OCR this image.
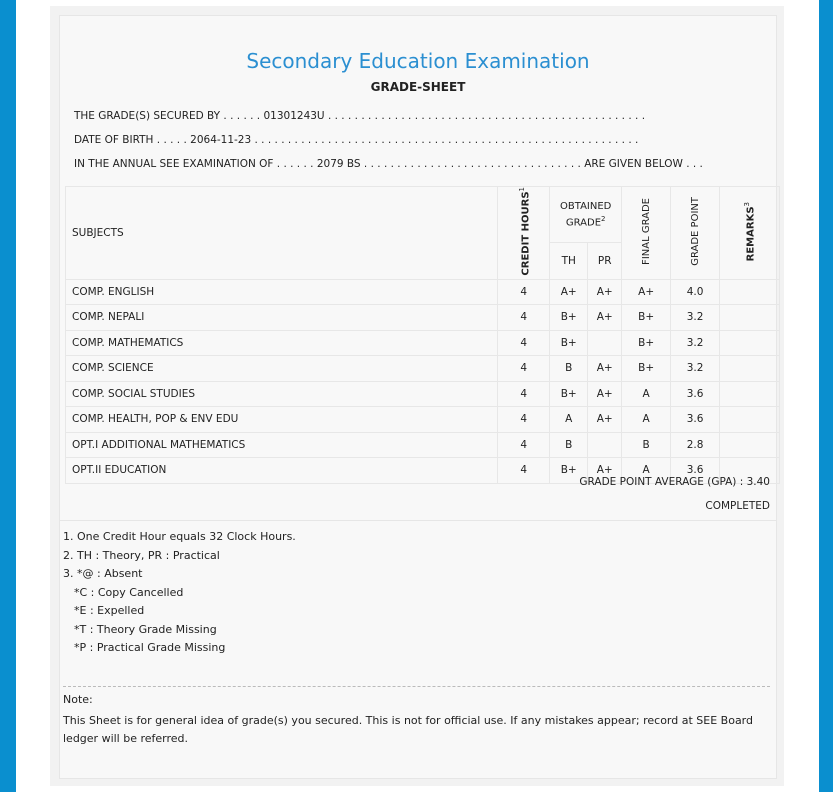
Secondary Education Examination
GRADE-SHEET
THE GRADE(S) SECURED BY . . . . . . 01301243U . . . . . . . . . . . . . . . . . . . . . . . . . . . . . . . . . . . . . . . . . . . . . . . .
DATE OF BIRTH . . . . . 2064-11-23 . . . . . . . . . . . . . . . . . . . . . . . . . . . . . . . . . . . . . . . . . . . . . . . . . . . . . . . . . .
IN THE ANNUAL SEE EXAMINATION OF . . . . . . 2079 BS . . . . . . . . . . . . . . . . . . . . . . . . . . . . . . . . . ARE GIVEN BELOW . . .
SUBJECTS	CREDIT HOURS$^1$	OBTAINED GRADE$^2$		FINAL GRADE	GRADE POINT	REMARKS$^3$
		TH	PR			
COMP. ENGLISH	4	A+	A+	A+	4.0	
COMP. NEPALI	4	B+	A+	B+	3.2	
COMP. MATHEMATICS	4	B+		B+	3.2	
COMP. SCIENCE	4	B	A+	B+	3.2	
COMP. SOCIAL STUDIES	4	B+	A+	A	3.6	
COMP. HEALTH, POP & ENV EDU	4	A	A+	A	3.6	
OPT.I ADDITIONAL MATHEMATICS	4	B		B	2.8	
OPT.II EDUCATION	4	B+	A+	A	3.6	
GRADE POINT AVERAGE (GPA) : 3.40
COMPLETED
1. One Credit Hour equals 32 Clock Hours.
2. TH : Theory, PR : Practical
3. *@ : Absent
*C : Copy Cancelled
*E : Expelled
*T : Theory Grade Missing
*P : Practical Grade Missing
Note:
This Sheet is for general idea of grade(s) you secured. This is not for official use. If any mistakes appear; record at SEE Board ledger will be referred.
